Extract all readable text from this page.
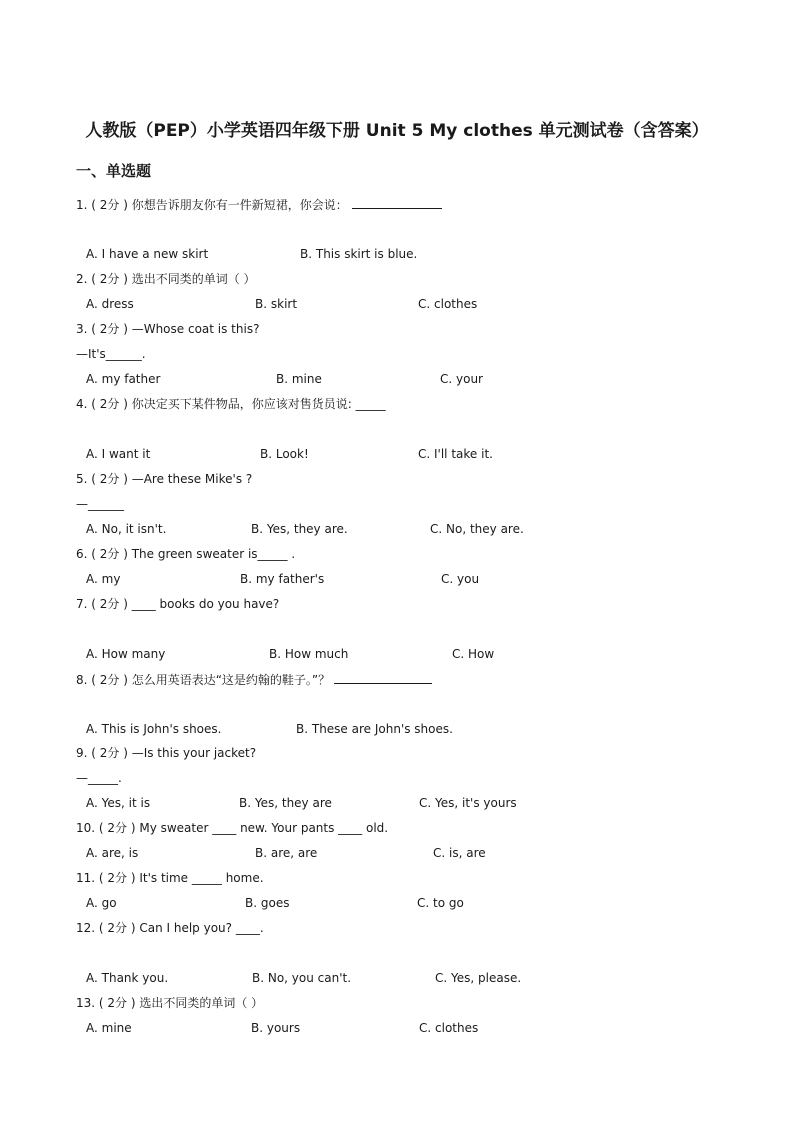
人教版（PEP）小学英语四年级下册 Unit 5 My clothes 单元测试卷（含答案）
一、单选题
1. ( 2分 ) 你想告诉朋友你有一件新短裙，你会说：
A. I have a new skirt	B. This skirt is blue.
2. ( 2分 ) 选出不同类的单词（ ）
A. dress	B. skirt	C. clothes
3. ( 2分 ) —Whose coat is this?
—It's______.
A. my father	B. mine	C. your
4. ( 2分 ) 你决定买下某件物品，你应该对售货员说: _____
A. I want it	B. Look!	C. I'll take it.
5. ( 2分 ) —Are these Mike's ?
—______
A. No, it isn't.	B. Yes, they are.	C. No, they are.
6. ( 2分 ) The green sweater is_____ .
A. my	B. my father's	C. you
7. ( 2分 ) ____ books do you have?
A. How many	B. How much	C. How
8. ( 2分 ) 怎么用英语表达“这是约翰的鞋子。”？
A. This is John's shoes.	B. These are John's shoes.
9. ( 2分 ) —Is this your jacket?
—_____.
A. Yes, it is	B. Yes, they are	C. Yes, it's yours
10. ( 2分 ) My sweater ____ new. Your pants ____ old.
A. are, is	B. are, are	C. is, are
11. ( 2分 ) It's time _____ home.
A. go	B. goes	C. to go
12. ( 2分 ) Can I help you? ____.
A. Thank you.	B. No, you can't.	C. Yes, please.
13. ( 2分 ) 选出不同类的单词（ ）
A. mine	B. yours	C. clothes
